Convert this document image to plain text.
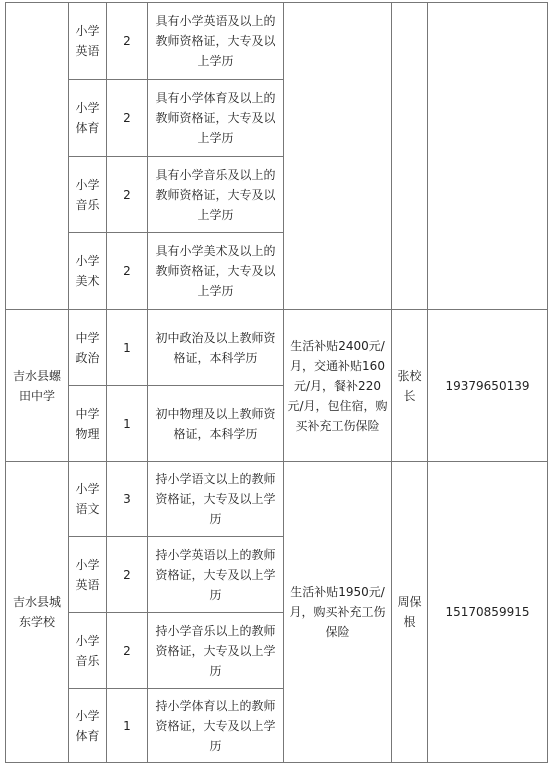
	小学英语	2	具有小学英语及以上的教师资格证，大专及以上学历			
	小学体育	2	具有小学体育及以上的教师资格证，大专及以上学历			
	小学音乐	2	具有小学音乐及以上的教师资格证，大专及以上学历			
	小学美术	2	具有小学美术及以上的教师资格证，大专及以上学历			
吉水县螺田中学	中学政治	1	初中政治及以上教师资格证，本科学历	生活补贴2400元/月，交通补贴160元/月，餐补220元/月，包住宿，购买补充工伤保险	张校长	19379650139
	中学物理	1	初中物理及以上教师资格证，本科学历			
吉水县城东学校	小学语文	3	持小学语文以上的教师资格证，大专及以上学历	生活补贴1950元/月，购买补充工伤保险	周保根	15170859915
	小学英语	2	持小学英语以上的教师资格证，大专及以上学历			
	小学音乐	2	持小学音乐以上的教师资格证，大专及以上学历			
	小学体育	1	持小学体育以上的教师资格证，大专及以上学历			
